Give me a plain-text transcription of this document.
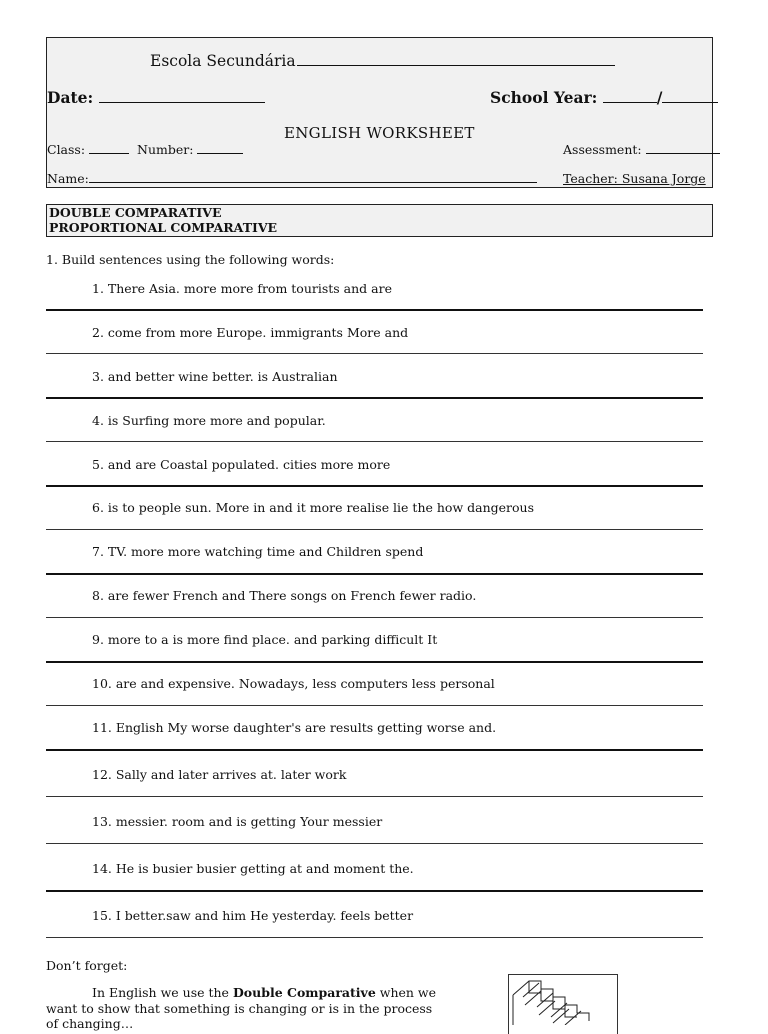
Escola Secundária
Date:	School Year:	/
ENGLISH WORKSHEET
Class:	Number:	Assessment:
Name:	Teacher: Susana Jorge
DOUBLE COMPARATIVE
PROPORTIONAL COMPARATIVE
1. Build sentences using the following words:
1. There Asia. more more from tourists and are
2. come from more Europe. immigrants More and
3. and better wine better. is Australian
4. is Surfing more more and popular.
5. and are Coastal populated. cities more more
6. is to people sun. More in and it more realise lie the how dangerous
7. TV. more more watching time and Children spend
8. are fewer French and There songs on French fewer radio.
9. more to a is more find place. and parking difficult It
10. are and expensive. Nowadays, less computers less personal
11. English My worse daughter's are results getting worse and.
12. Sally and later arrives at. later work
13. messier. room and is getting Your messier
14. He is busier busier getting at and moment the.
15. I better.saw and him He yesterday. feels better
Don’t forget:
In English we use the Double Comparative when we want to show that something is changing or is in the process of changing…
